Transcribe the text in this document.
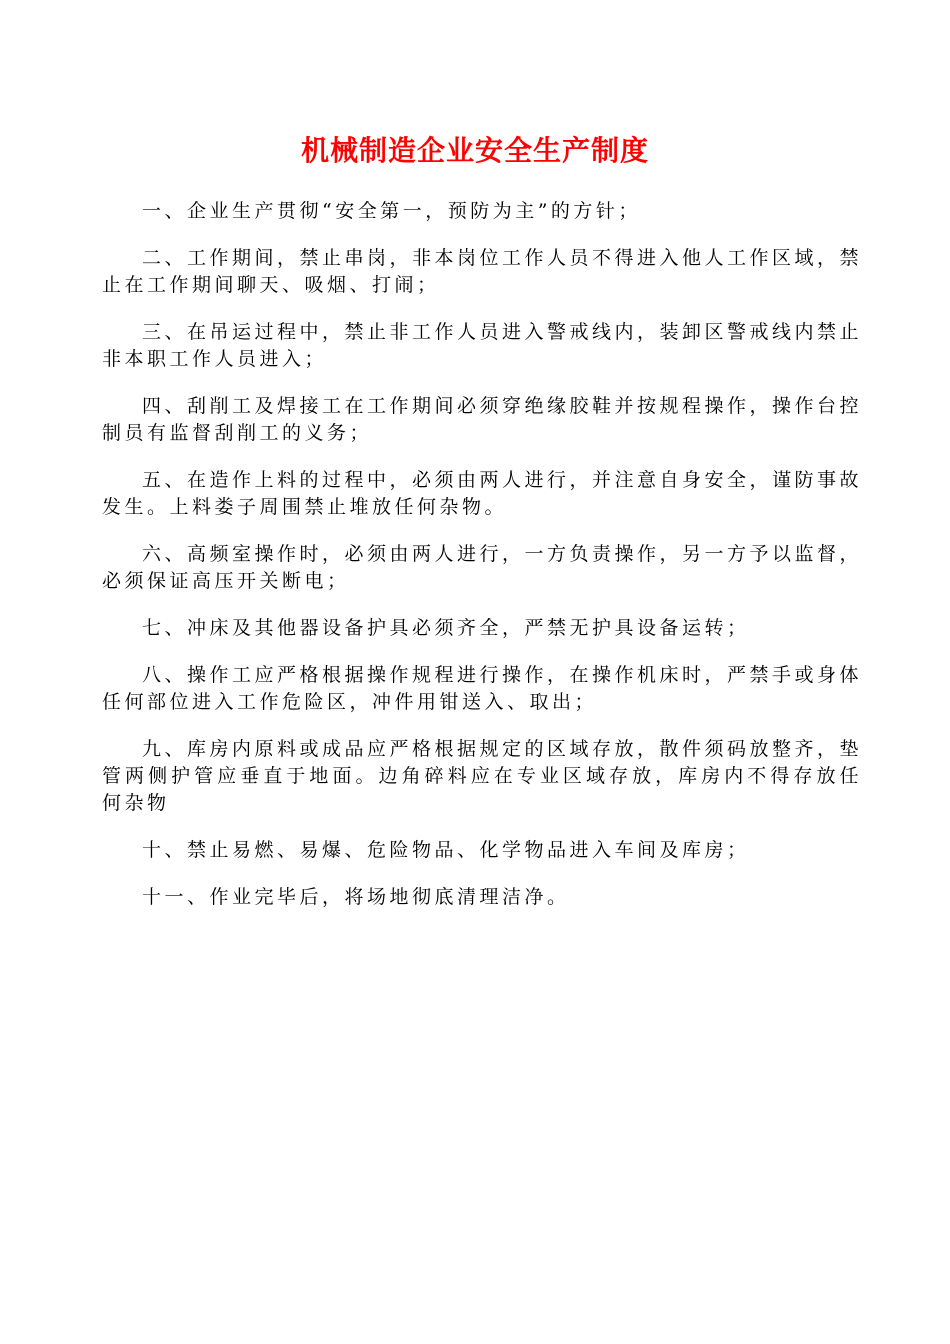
机械制造企业安全生产制度

一、企业生产贯彻“安全第一，预防为主”的方针；

二、工作期间，禁止串岗，非本岗位工作人员不得进入他人工作区域，禁止在工作期间聊天、吸烟、打闹；

三、在吊运过程中，禁止非工作人员进入警戒线内，装卸区警戒线内禁止非本职工作人员进入；

四、刮削工及焊接工在工作期间必须穿绝缘胶鞋并按规程操作，操作台控制员有监督刮削工的义务；

五、在造作上料的过程中，必须由两人进行，并注意自身安全，谨防事故发生。上料娄子周围禁止堆放任何杂物。

六、高频室操作时，必须由两人进行，一方负责操作，另一方予以监督，必须保证高压开关断电；

七、冲床及其他器设备护具必须齐全，严禁无护具设备运转；

八、操作工应严格根据操作规程进行操作，在操作机床时，严禁手或身体任何部位进入工作危险区，冲件用钳送入、取出；

九、库房内原料或成品应严格根据规定的区域存放，散件须码放整齐，垫管两侧护管应垂直于地面。边角碎料应在专业区域存放，库房内不得存放任何杂物

十、禁止易燃、易爆、危险物品、化学物品进入车间及库房；

十一、作业完毕后，将场地彻底清理洁净。
